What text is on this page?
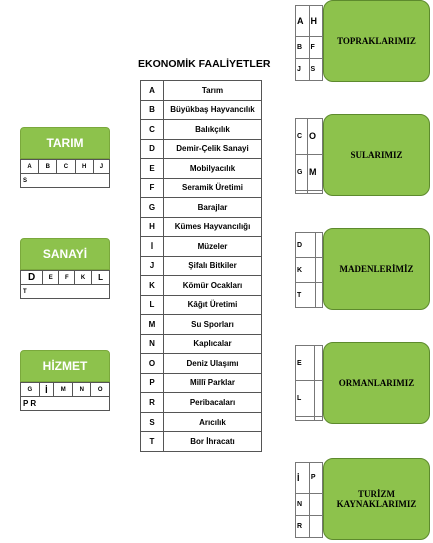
EKONOMİK FAALİYETLER
A	Tarım
B	Büyükbaş Hayvancılık
C	Balıkçılık
D	Demir-Çelik Sanayi
E	Mobilyacılık
F	Seramik Üretimi
G	Barajlar
H	Kümes Hayvancılığı
İ	Müzeler
J	Şifalı Bitkiler
K	Kömür Ocakları
L	Kâğıt Üretimi
M	Su Sporları
N	Kaplıcalar
O	Deniz Ulaşımı
P	Millî Parklar
R	Peribacaları
S	Arıcılık
T	Bor İhracatı
TARIM
A	B	C	H	J
S
SANAYİ
D	E	F	K	L
T
HİZMET
G	İ	M	N	O
P R
A	H
B	F
J	S
TOPRAKLARIMIZ
C	O
G	M

SULARIMIZ
D	
K	
T	
MADENLERİMİZ
E	
L	

ORMANLARIMIZ
İ	P
N	
R	
TURİZM
KAYNAKLARIMIZ
